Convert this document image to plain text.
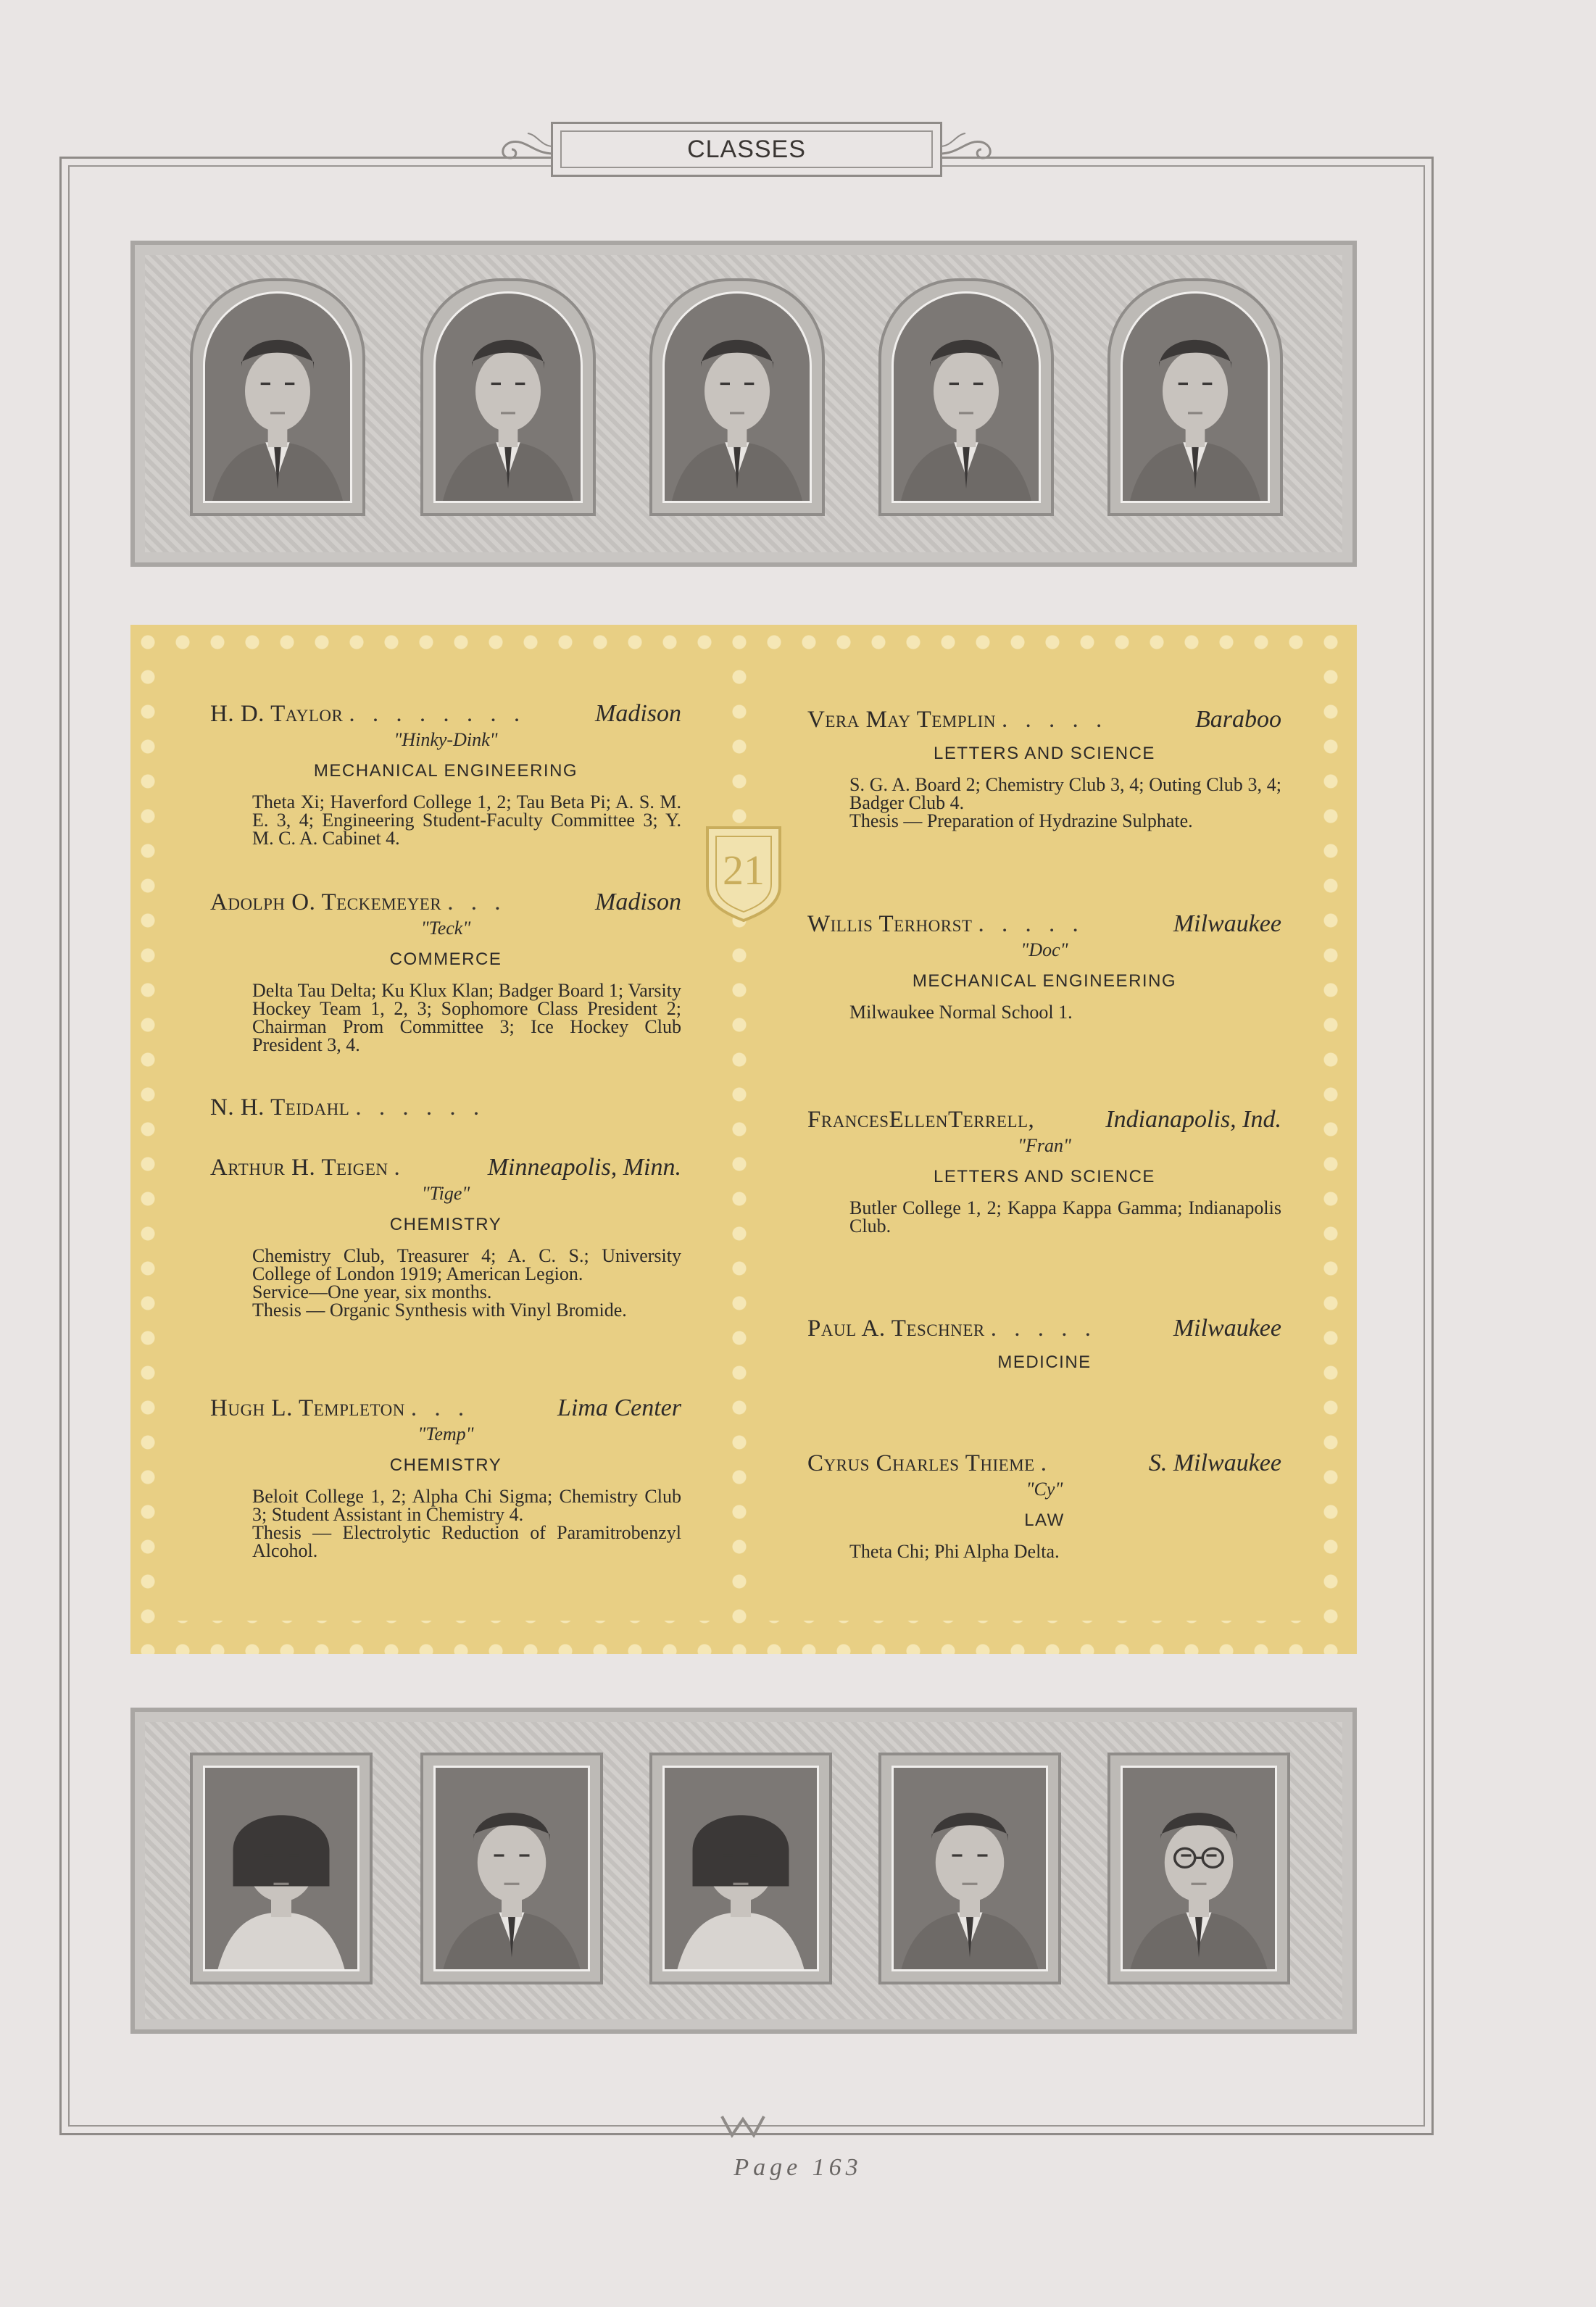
CLASSES
21
H. D. Taylor . . . . . . . .	Madison
"Hinky-Dink"
MECHANICAL ENGINEERING
Theta Xi; Haverford College 1, 2; Tau Beta Pi; A. S. M. E. 3, 4; Engineering Student-Faculty Committee 3; Y. M. C. A. Cabinet 4.
Adolph O. Teckemeyer . . .	Madison
"Teck"
COMMERCE
Delta Tau Delta; Ku Klux Klan; Badger Board 1; Varsity Hockey Team 1, 2, 3; Sophomore Class President 2; Chairman Prom Committee 3; Ice Hockey Club President 3, 4.
N. H. Teidahl . . . . . .
Arthur H. Teigen .	Minneapolis, Minn.
"Tige"
CHEMISTRY
Chemistry Club, Treasurer 4; A. C. S.; University College of London 1919; American Legion.
Service—One year, six months.
Thesis — Organic Synthesis with Vinyl Bromide.
Hugh L. Templeton . . .	Lima Center
"Temp"
CHEMISTRY
Beloit College 1, 2; Alpha Chi Sigma; Chemistry Club 3; Student Assistant in Chemistry 4.
Thesis — Electrolytic Reduction of Paramitrobenzyl Alcohol.
Vera May Templin . . . . .	Baraboo
LETTERS AND SCIENCE
S. G. A. Board 2; Chemistry Club 3, 4; Outing Club 3, 4; Badger Club 4.
Thesis — Preparation of Hydrazine Sulphate.
Willis Terhorst . . . . .	Milwaukee
"Doc"
MECHANICAL ENGINEERING
Milwaukee Normal School 1.
FrancesEllenTerrell,	Indianapolis, Ind.
"Fran"
LETTERS AND SCIENCE
Butler College 1, 2; Kappa Kappa Gamma; Indianapolis Club.
Paul A. Teschner . . . . .	Milwaukee
MEDICINE
Cyrus Charles Thieme .	S. Milwaukee
"Cy"
LAW
Theta Chi; Phi Alpha Delta.
Page 163
